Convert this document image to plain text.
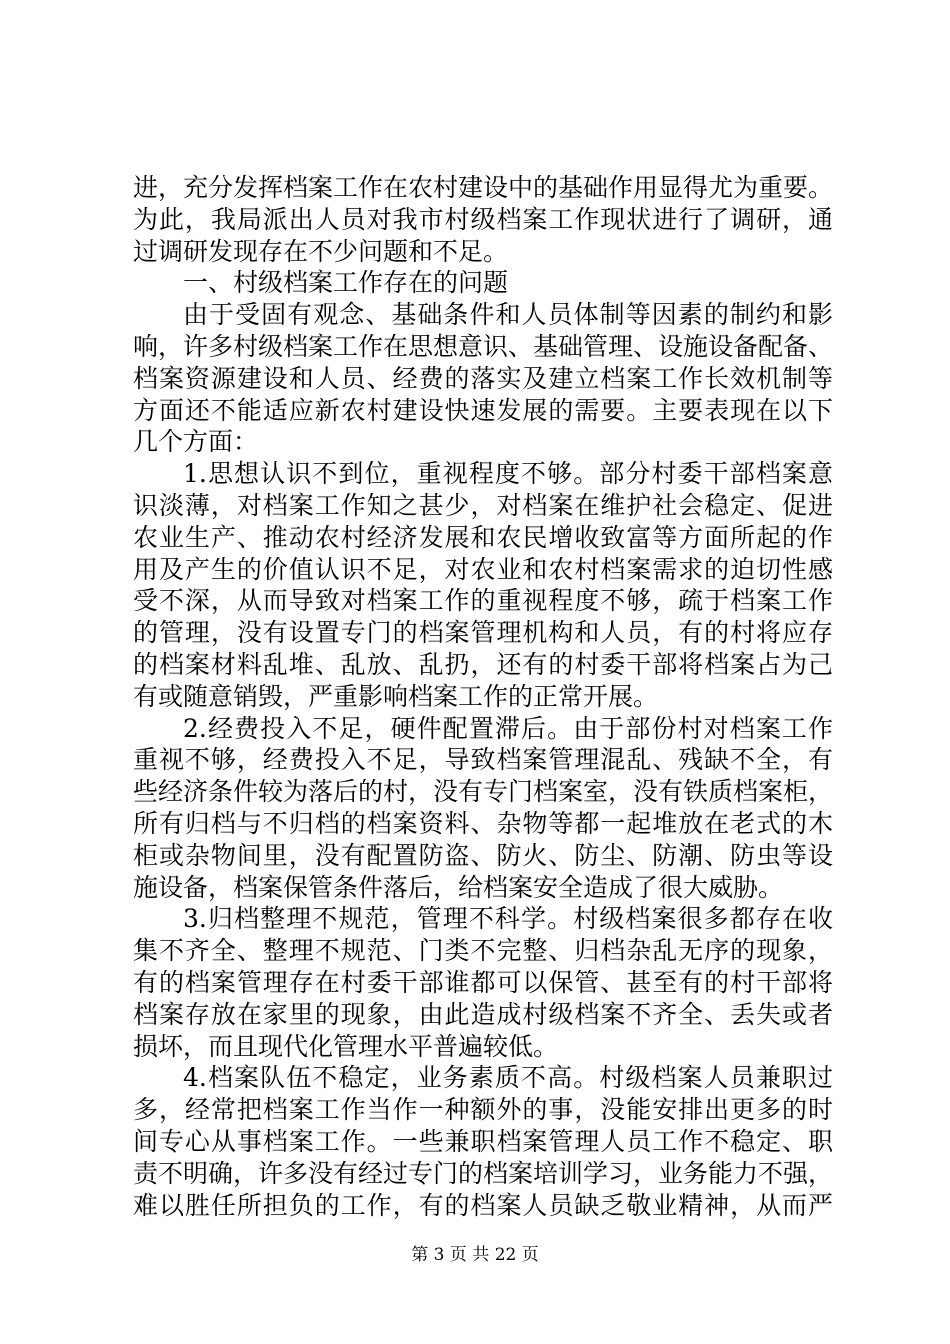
进，充分发挥档案工作在农村建设中的基础作用显得尤为重要。
为此，我局派出人员对我市村级档案工作现状进行了调研，通
过调研发现存在不少问题和不足。
一、村级档案工作存在的问题
由于受固有观念、基础条件和人员体制等因素的制约和影
响，许多村级档案工作在思想意识、基础管理、设施设备配备、
档案资源建设和人员、经费的落实及建立档案工作长效机制等
方面还不能适应新农村建设快速发展的需要。主要表现在以下
几个方面：
1.思想认识不到位，重视程度不够。部分村委干部档案意
识淡薄，对档案工作知之甚少，对档案在维护社会稳定、促进
农业生产、推动农村经济发展和农民增收致富等方面所起的作
用及产生的价值认识不足，对农业和农村档案需求的迫切性感
受不深，从而导致对档案工作的重视程度不够，疏于档案工作
的管理，没有设置专门的档案管理机构和人员，有的村将应存
的档案材料乱堆、乱放、乱扔，还有的村委干部将档案占为己
有或随意销毁，严重影响档案工作的正常开展。
2.经费投入不足，硬件配置滞后。由于部份村对档案工作
重视不够，经费投入不足，导致档案管理混乱、残缺不全，有
些经济条件较为落后的村，没有专门档案室，没有铁质档案柜，
所有归档与不归档的档案资料、杂物等都一起堆放在老式的木
柜或杂物间里，没有配置防盗、防火、防尘、防潮、防虫等设
施设备，档案保管条件落后，给档案安全造成了很大威胁。
3.归档整理不规范，管理不科学。村级档案很多都存在收
集不齐全、整理不规范、门类不完整、归档杂乱无序的现象，
有的档案管理存在村委干部谁都可以保管、甚至有的村干部将
档案存放在家里的现象，由此造成村级档案不齐全、丢失或者
损坏，而且现代化管理水平普遍较低。
4.档案队伍不稳定，业务素质不高。村级档案人员兼职过
多，经常把档案工作当作一种额外的事，没能安排出更多的时
间专心从事档案工作。一些兼职档案管理人员工作不稳定、职
责不明确，许多没有经过专门的档案培训学习，业务能力不强，
难以胜任所担负的工作，有的档案人员缺乏敬业精神，从而严
第 3 页 共 22 页
